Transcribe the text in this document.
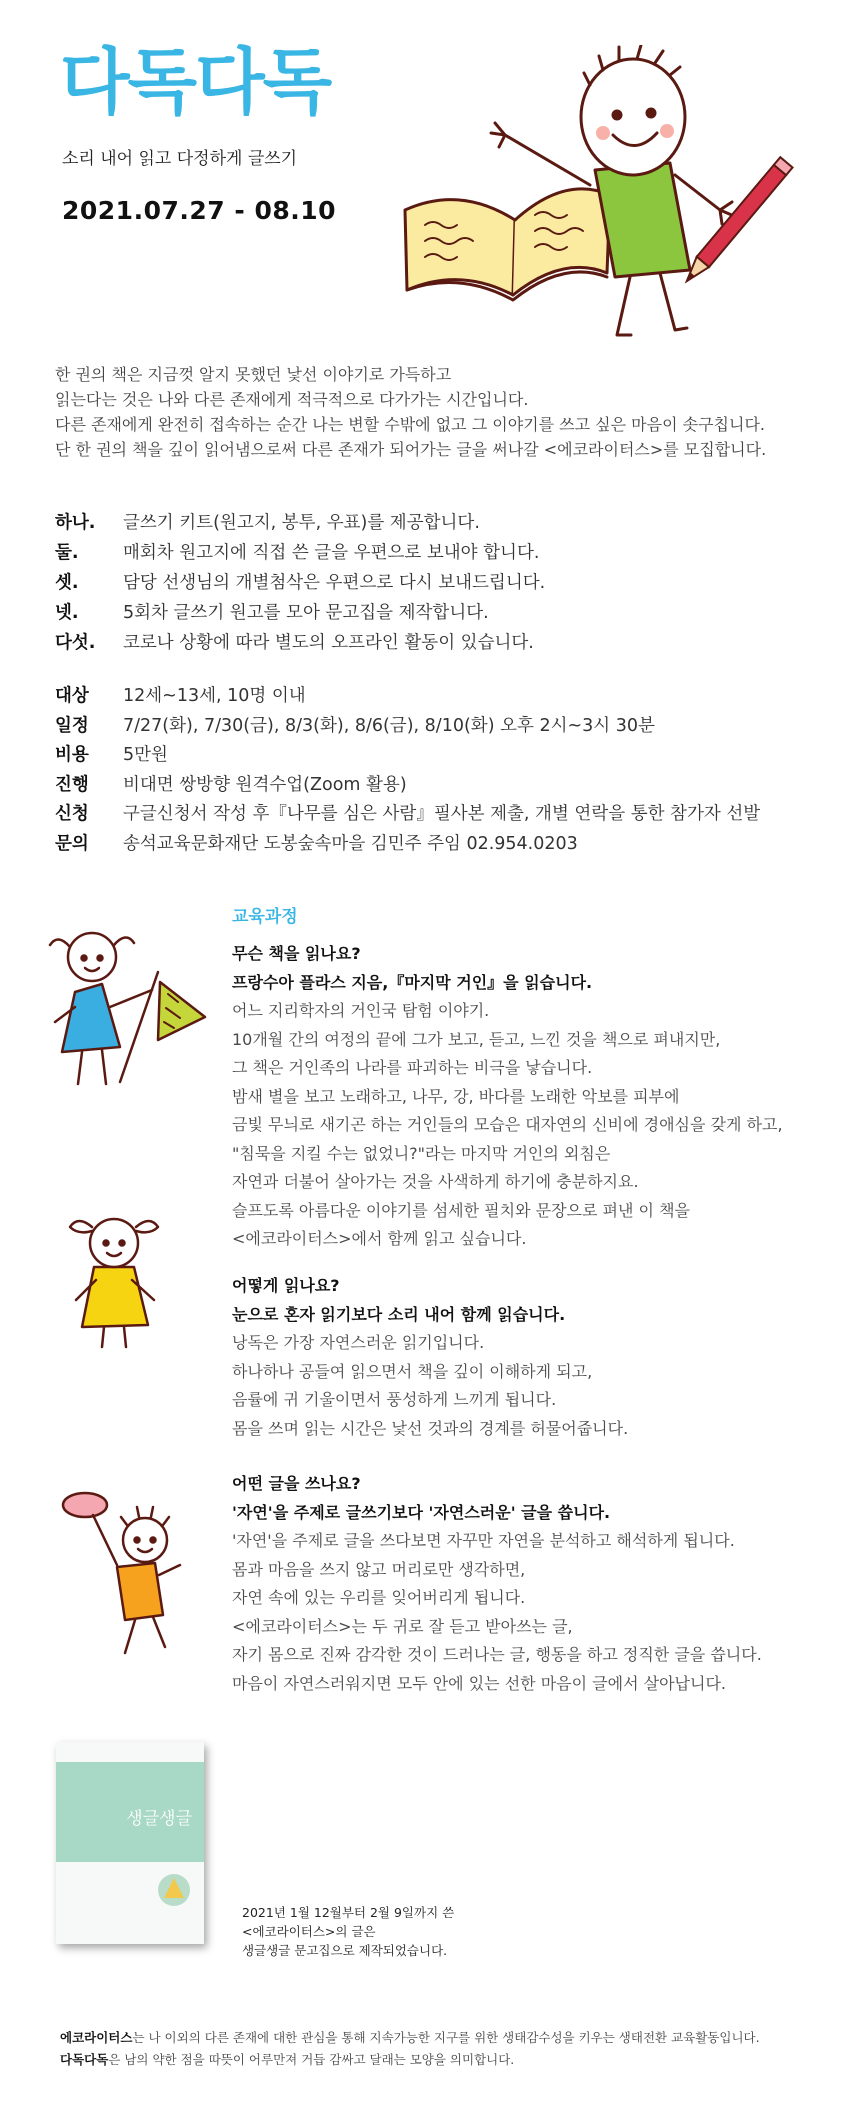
다독다독
소리 내어 읽고 다정하게 글쓰기
2021.07.27 - 08.10

한 권의 책은 지금껏 알지 못했던 낯선 이야기로 가득하고

읽는다는 것은 나와 다른 존재에게 적극적으로 다가가는 시간입니다.

다른 존재에게 완전히 접속하는 순간 나는 변할 수밖에 없고 그 이야기를 쓰고 싶은 마음이 솟구칩니다.

단 한 권의 책을 깊이 읽어냄으로써 다른 존재가 되어가는 글을 써나갈 <에코라이터스>를 모집합니다.

하나.	글쓰기 키트(원고지, 봉투, 우표)를 제공합니다.
둘.	매회차 원고지에 직접 쓴 글을 우편으로 보내야 합니다.
셋.	담당 선생님의 개별첨삭은 우편으로 다시 보내드립니다.
넷.	5회차 글쓰기 원고를 모아 문고집을 제작합니다.
다섯.	코로나 상황에 따라 별도의 오프라인 활동이 있습니다.
대상	12세~13세, 10명 이내
일정	7/27(화), 7/30(금), 8/3(화), 8/6(금), 8/10(화) 오후 2시~3시 30분
비용	5만원
진행	비대면 쌍방향 원격수업(Zoom 활용)
신청	구글신청서 작성 후『나무를 심은 사람』필사본 제출, 개별 연락을 통한 참가자 선발
문의	송석교육문화재단 도봉숲속마을 김민주 주임 02.954.0203
교육과정

무슨 책을 읽나요?

프랑수아 플라스 지음,『마지막 거인』을 읽습니다.

어느 지리학자의 거인국 탐험 이야기.

10개월 간의 여정의 끝에 그가 보고, 듣고, 느낀 것을 책으로 펴내지만,

그 책은 거인족의 나라를 파괴하는 비극을 낳습니다.

밤새 별을 보고 노래하고, 나무, 강, 바다를 노래한 악보를 피부에

금빛 무늬로 새기곤 하는 거인들의 모습은 대자연의 신비에 경애심을 갖게 하고,

"침묵을 지킬 수는 없었니?"라는 마지막 거인의 외침은

자연과 더불어 살아가는 것을 사색하게 하기에 충분하지요.

슬프도록 아름다운 이야기를 섬세한 필치와 문장으로 펴낸 이 책을

<에코라이터스>에서 함께 읽고 싶습니다.

어떻게 읽나요?

눈으로 혼자 읽기보다 소리 내어 함께 읽습니다.

낭독은 가장 자연스러운 읽기입니다.

하나하나 공들여 읽으면서 책을 깊이 이해하게 되고,

음률에 귀 기울이면서 풍성하게 느끼게 됩니다.

몸을 쓰며 읽는 시간은 낯선 것과의 경계를 허물어줍니다.

어떤 글을 쓰나요?

'자연'을 주제로 글쓰기보다 '자연스러운' 글을 씁니다.

'자연'을 주제로 글을 쓰다보면 자꾸만 자연을 분석하고 해석하게 됩니다.

몸과 마음을 쓰지 않고 머리로만 생각하면,

자연 속에 있는 우리를 잊어버리게 됩니다.

<에코라이터스>는 두 귀로 잘 듣고 받아쓰는 글,

자기 몸으로 진짜 감각한 것이 드러나는 글, 행동을 하고 정직한 글을 씁니다.

마음이 자연스러워지면 모두 안에 있는 선한 마음이 글에서 살아납니다.

생글생글

2021년 1월 12월부터 2월 9일까지 쓴

<에코라이터스>의 글은

생글생글 문고집으로 제작되었습니다.

에코라이터스는 나 이외의 다른 존재에 대한 관심을 통해 지속가능한 지구를 위한 생태감수성을 키우는 생태전환 교육활동입니다.

다독다독은 남의 약한 점을 따뜻이 어루만져 거듭 감싸고 달래는 모양을 의미합니다.
